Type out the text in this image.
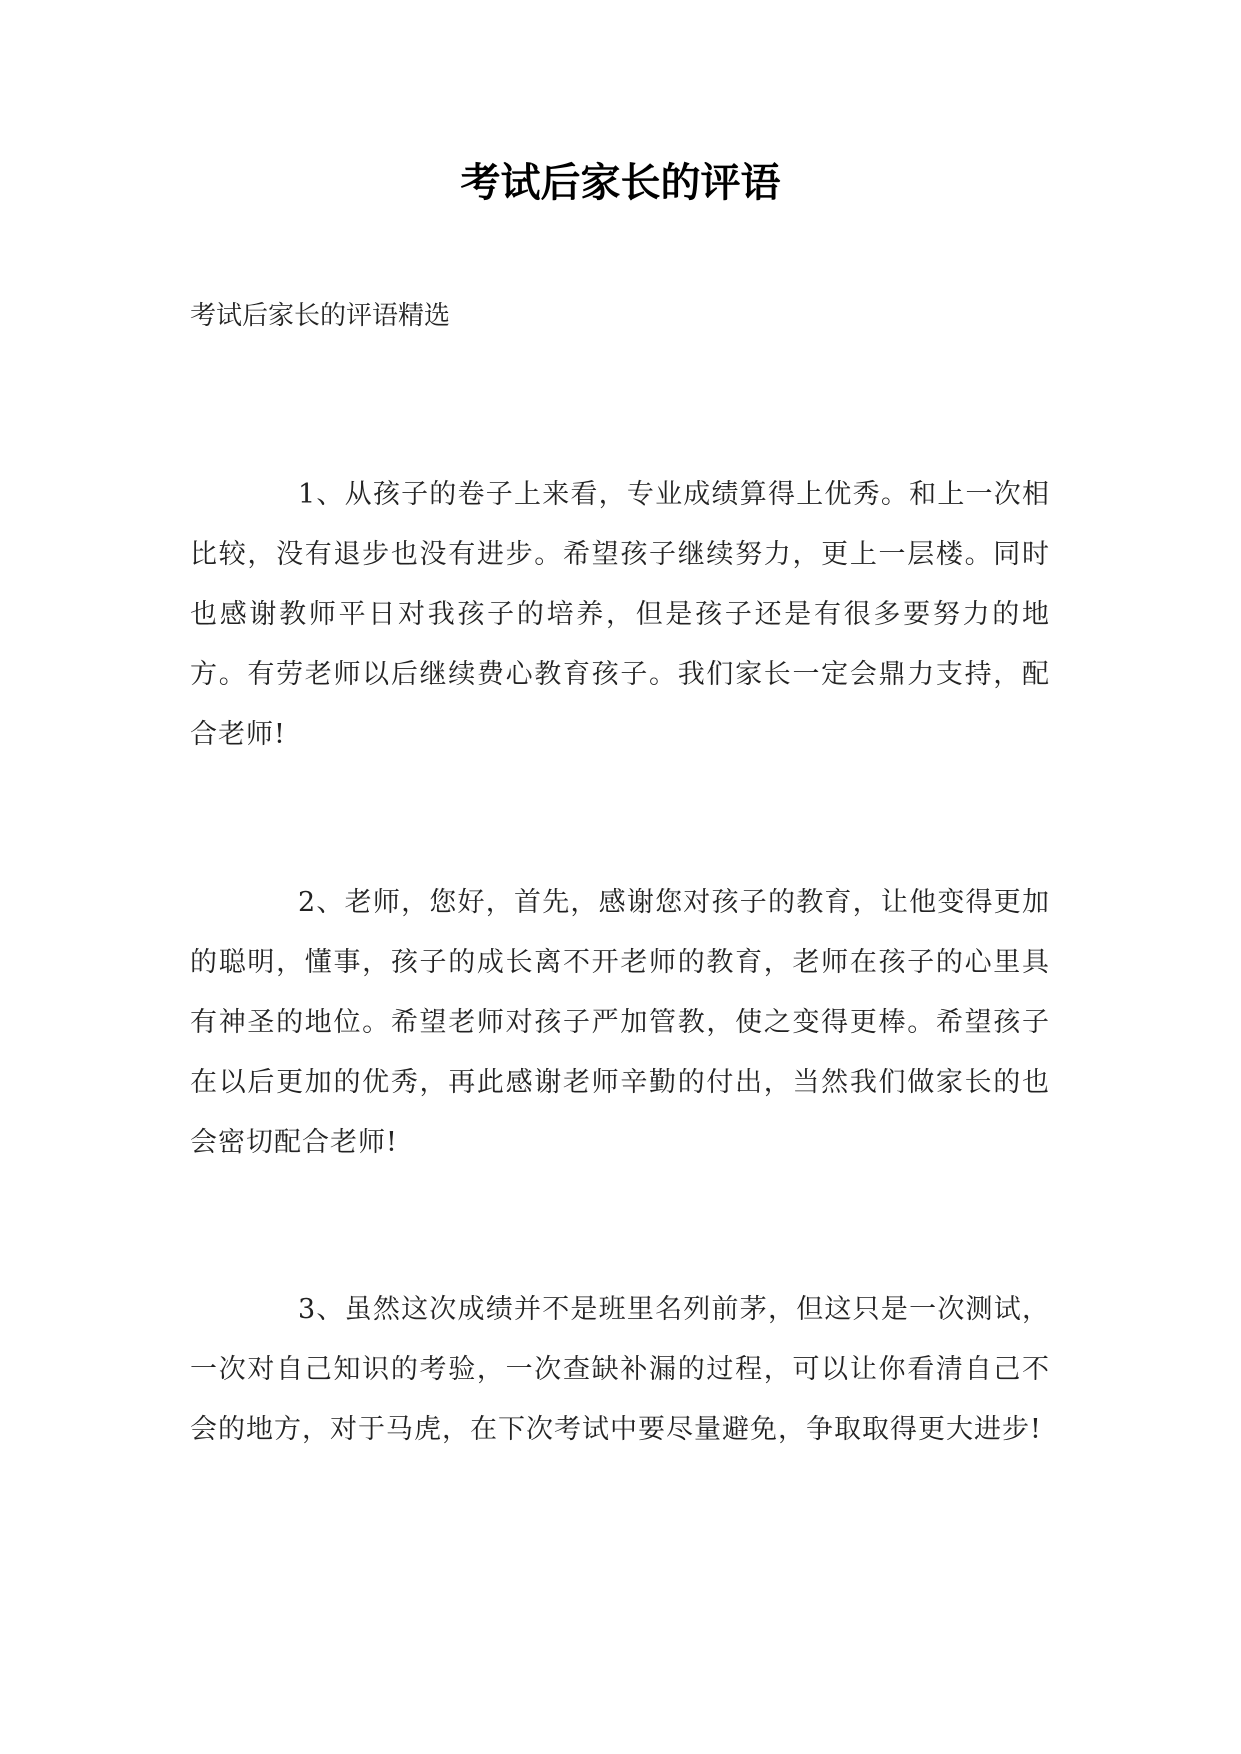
考试后家长的评语

考试后家长的评语精选

1、从孩子的卷子上来看，专业成绩算得上优秀。和上一次相比较，没有退步也没有进步。希望孩子继续努力，更上一层楼。同时也感谢教师平日对我孩子的培养，但是孩子还是有很多要努力的地方。有劳老师以后继续费心教育孩子。我们家长一定会鼎力支持，配合老师!

2、老师，您好，首先，感谢您对孩子的教育，让他变得更加的聪明，懂事，孩子的成长离不开老师的教育，老师在孩子的心里具有神圣的地位。希望老师对孩子严加管教，使之变得更棒。希望孩子在以后更加的优秀，再此感谢老师辛勤的付出，当然我们做家长的也会密切配合老师!

3、虽然这次成绩并不是班里名列前茅，但这只是一次测试，一次对自己知识的考验，一次查缺补漏的过程，可以让你看清自己不会的地方，对于马虎，在下次考试中要尽量避免，争取取得更大进步!
